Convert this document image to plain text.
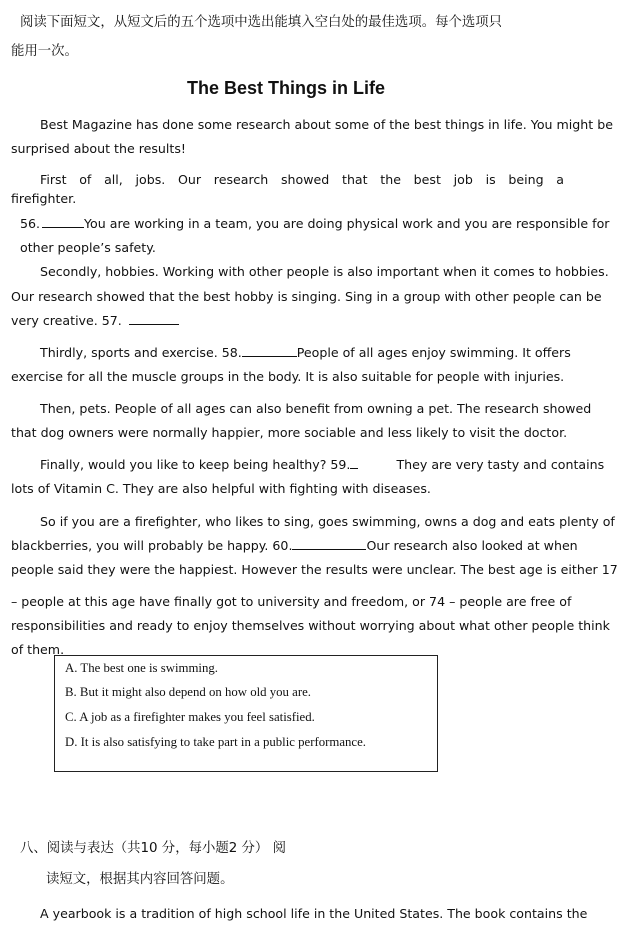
阅读下面短文，从短文后的五个选项中选出能填入空白处的最佳选项。每个选项只
能用一次。
The Best Things in Life
Best Magazine has done some research about some of the best things in life. You might be
surprised about the results!
First of all, jobs. Our research showed that the best job is being a
firefighter.
56.	You are working in a team, you are doing physical work and you are responsible for
other people’s safety.
Secondly, hobbies. Working with other people is also important when it comes to hobbies.
Our research showed that the best hobby is singing. Sing in a group with other people can be
very creative. 57.
Thirdly, sports and exercise. 58.	People of all ages enjoy swimming. It offers
exercise for all the muscle groups in the body. It is also suitable for people with injuries.
Then, pets. People of all ages can also benefit from owning a pet. The research showed
that dog owners were normally happier, more sociable and less likely to visit the doctor.
Finally, would you like to keep being healthy? 59.	They are very tasty and contains
lots of Vitamin C. They are also helpful with fighting with diseases.
So if you are a firefighter, who likes to sing, goes swimming, owns a dog and eats plenty of
blackberries, you will probably be happy. 60.	Our research also looked at when
people said they were the happiest. However the results were unclear. The best age is either 17
– people at this age have finally got to university and freedom, or 74 – people are free of
responsibilities and ready to enjoy themselves without worrying about what other people think
of them.
A. The best one is swimming.
B. But it might also depend on how old you are.
C. A job as a firefighter makes you feel satisfied.
D. It is also satisfying to take part in a public performance.
八、阅读与表达（共10 分，每小题2 分） 阅
读短文，根据其内容回答问题。
A yearbook is a tradition of high school life in the United States. The book contains the
